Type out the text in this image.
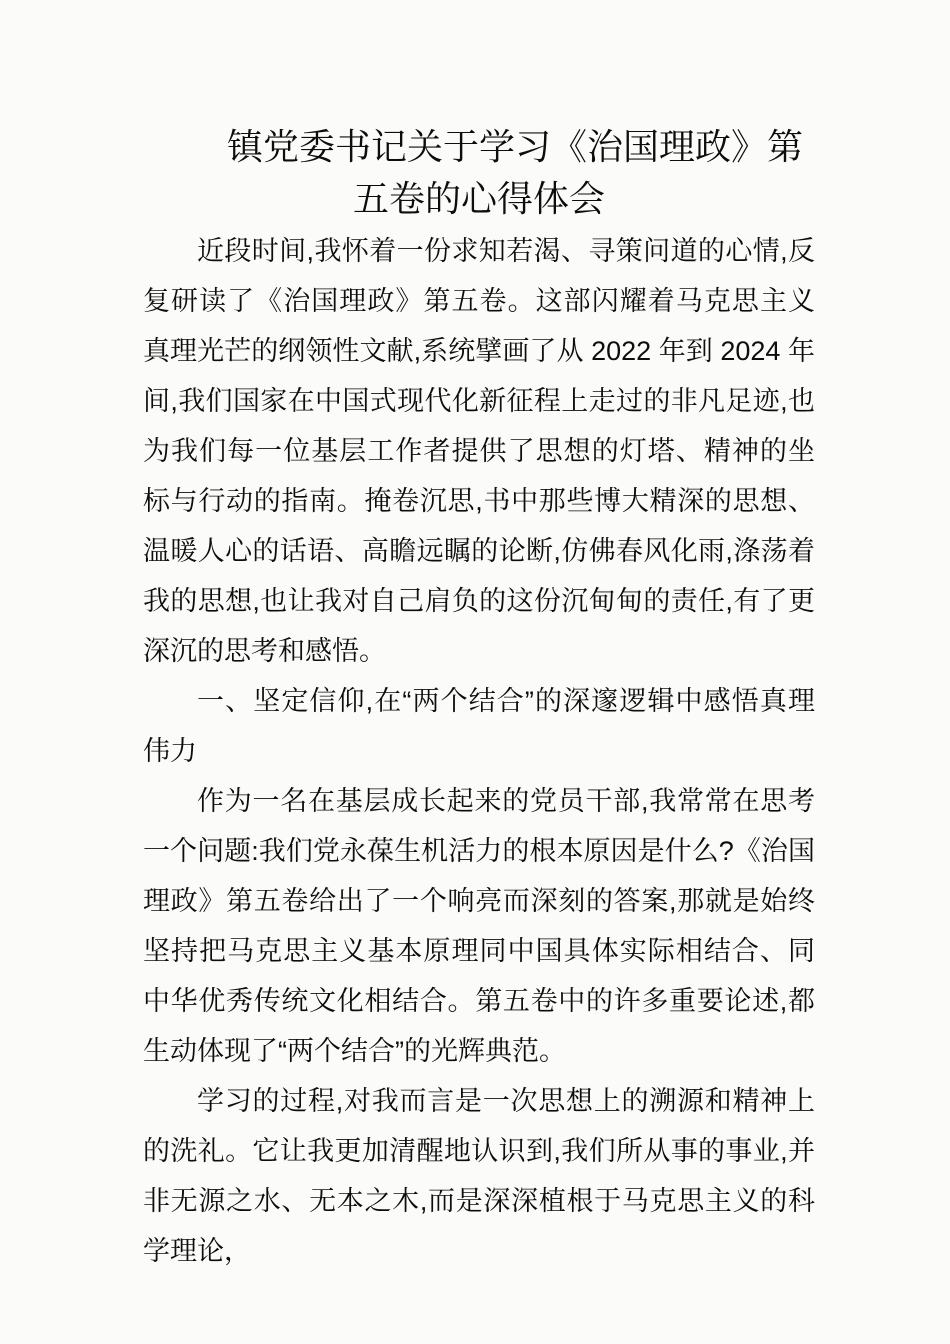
镇党委书记关于学习《治国理政》第
五卷的心得体会

近段时间,我怀着一份求知若渴、寻策问道的心情,反复研读了《治国理政》第五卷。这部闪耀着马克思主义真理光芒的纲领性文献,系统擘画了从 2022 年到 2024 年间,我们国家在中国式现代化新征程上走过的非凡足迹,也为我们每一位基层工作者提供了思想的灯塔、精神的坐标与行动的指南。掩卷沉思,书中那些博大精深的思想、温暖人心的话语、高瞻远瞩的论断,仿佛春风化雨,涤荡着我的思想,也让我对自己肩负的这份沉甸甸的责任,有了更深沉的思考和感悟。

一、坚定信仰,在“两个结合”的深邃逻辑中感悟真理伟力

作为一名在基层成长起来的党员干部,我常常在思考一个问题:我们党永葆生机活力的根本原因是什么?《治国理政》第五卷给出了一个响亮而深刻的答案,那就是始终坚持把马克思主义基本原理同中国具体实际相结合、同中华优秀传统文化相结合。第五卷中的许多重要论述,都生动体现了“两个结合”的光辉典范。

学习的过程,对我而言是一次思想上的溯源和精神上的洗礼。它让我更加清醒地认识到,我们所从事的事业,并非无源之水、无本之木,而是深深植根于马克思主义的科学理论，
